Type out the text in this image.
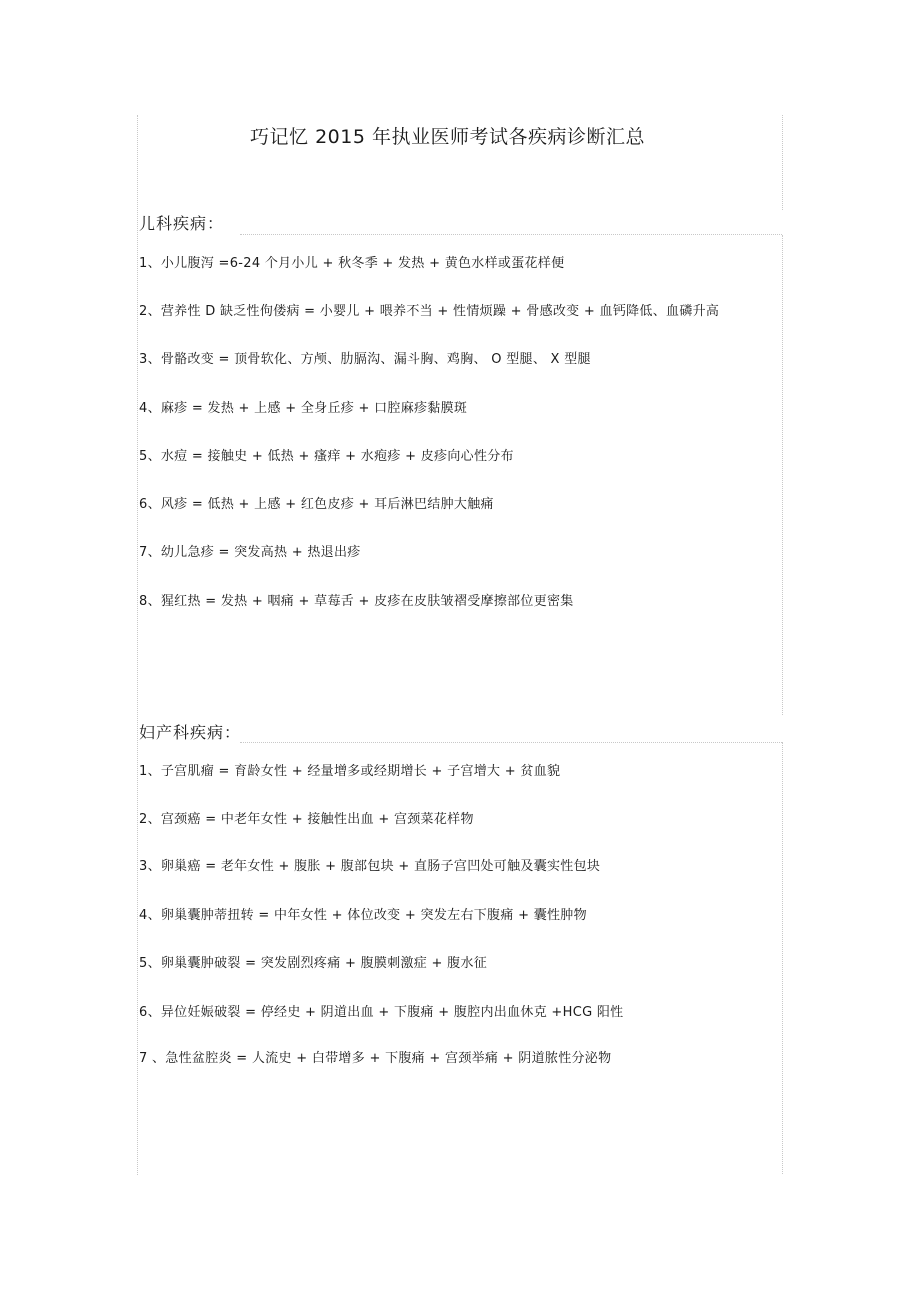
巧记忆 2015 年执业医师考试各疾病诊断汇总
儿科疾病：
1、小儿腹泻 =6-24 个月小儿 + 秋冬季 + 发热 + 黄色水样或蛋花样便
2、营养性 D 缺乏性佝偻病 = 小婴儿 + 喂养不当 + 性情烦躁 + 骨感改变 + 血钙降低、血磷升高
3、骨骼改变 = 顶骨软化、方颅、肋膈沟、漏斗胸、鸡胸、 O 型腿、 X 型腿
4、麻疹 = 发热 + 上感 + 全身丘疹 + 口腔麻疹黏膜斑
5、水痘 = 接触史 + 低热 + 瘙痒 + 水疱疹 + 皮疹向心性分布
6、风疹 = 低热 + 上感 + 红色皮疹 + 耳后淋巴结肿大触痛
7、幼儿急疹 = 突发高热 + 热退出疹
8、猩红热 = 发热 + 咽痛 + 草莓舌 + 皮疹在皮肤皱褶受摩擦部位更密集
妇产科疾病：
1、子宫肌瘤 = 育龄女性 + 经量增多或经期增长 + 子宫增大 + 贫血貌
2、宫颈癌 = 中老年女性 + 接触性出血 + 宫颈菜花样物
3、卵巢癌 = 老年女性 + 腹胀 + 腹部包块 + 直肠子宫凹处可触及囊实性包块
4、卵巢囊肿蒂扭转 = 中年女性 + 体位改变 + 突发左右下腹痛 + 囊性肿物
5、卵巢囊肿破裂 = 突发剧烈疼痛 + 腹膜刺激症 + 腹水征
6、异位妊娠破裂 = 停经史 + 阴道出血 + 下腹痛 + 腹腔内出血休克 +HCG 阳性
7 、急性盆腔炎 = 人流史 + 白带增多 + 下腹痛 + 宫颈举痛 + 阴道脓性分泌物
